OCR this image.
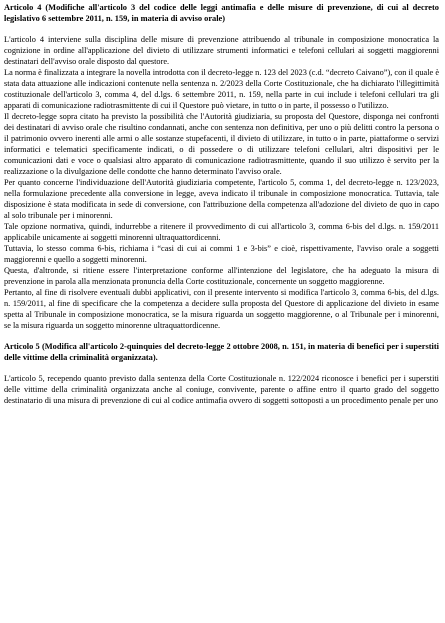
Articolo 4 (Modifiche all'articolo 3 del codice delle leggi antimafia e delle misure di prevenzione, di cui al decreto legislativo 6 settembre 2011, n. 159, in materia di avviso orale)

L'articolo 4 interviene sulla disciplina delle misure di prevenzione attribuendo al tribunale in composizione monocratica la cognizione in ordine all'applicazione del divieto di utilizzare strumenti informatici e telefoni cellulari ai soggetti maggiorenni destinatari dell'avviso orale disposto dal questore.

La norma è finalizzata a integrare la novella introdotta con il decreto-legge n. 123 del 2023 (c.d. “decreto Caivano”), con il quale è stata data attuazione alle indicazioni contenute nella sentenza n. 2/2023 della Corte Costituzionale, che ha dichiarato l'illegittimità costituzionale dell'articolo 3, comma 4, del d.lgs. 6 settembre 2011, n. 159, nella parte in cui include i telefoni cellulari tra gli apparati di comunicazione radiotrasmittente di cui il Questore può vietare, in tutto o in parte, il possesso o l'utilizzo.

Il decreto-legge sopra citato ha previsto la possibilità che l'Autorità giudiziaria, su proposta del Questore, disponga nei confronti dei destinatari di avviso orale che risultino condannati, anche con sentenza non definitiva, per uno o più delitti contro la persona o il patrimonio ovvero inerenti alle armi o alle sostanze stupefacenti, il divieto di utilizzare, in tutto o in parte, piattaforme o servizi informatici e telematici specificamente indicati, o di possedere o di utilizzare telefoni cellulari, altri dispositivi per le comunicazioni dati e voce o qualsiasi altro apparato di comunicazione radiotrasmittente, quando il suo utilizzo è servito per la realizzazione o la divulgazione delle condotte che hanno determinato l'avviso orale.

Per quanto concerne l'individuazione dell'Autorità giudiziaria competente, l'articolo 5, comma 1, del decreto-legge n. 123/2023, nella formulazione precedente alla conversione in legge, aveva indicato il tribunale in composizione monocratica. Tuttavia, tale disposizione è stata modificata in sede di conversione, con l'attribuzione della competenza all'adozione del divieto de quo in capo al solo tribunale per i minorenni.

Tale opzione normativa, quindi, indurrebbe a ritenere il provvedimento di cui all'articolo 3, comma 6-bis del d.lgs. n. 159/2011 applicabile unicamente ai soggetti minorenni ultraquattordicenni.

Tuttavia, lo stesso comma 6-bis, richiama i “casi di cui ai commi 1 e 3-bis” e cioè, rispettivamente, l'avviso orale a soggetti maggiorenni e quello a soggetti minorenni.

Questa, d'altronde, si ritiene essere l'interpretazione conforme all'intenzione del legislatore, che ha adeguato la misura di prevenzione in parola alla menzionata pronuncia della Corte costituzionale, concernente un soggetto maggiorenne.

Pertanto, al fine di risolvere eventuali dubbi applicativi, con il presente intervento si modifica l'articolo 3, comma 6-bis, del d.lgs. n. 159/2011, al fine di specificare che la competenza a decidere sulla proposta del Questore di applicazione del divieto in esame spetta al Tribunale in composizione monocratica, se la misura riguarda un soggetto maggiorenne, o al Tribunale per i minorenni, se la misura riguarda un soggetto minorenne ultraquattordicenne.

Articolo 5 (Modifica all'articolo 2-quinquies del decreto-legge 2 ottobre 2008, n. 151, in materia di benefici per i superstiti delle vittime della criminalità organizzata).

L'articolo 5, recependo quanto previsto dalla sentenza della Corte Costituzionale n. 122/2024 riconosce i benefici per i superstiti delle vittime della criminalità organizzata anche al coniuge, convivente, parente o affine entro il quarto grado del soggetto destinatario di una misura di prevenzione di cui al codice antimafia ovvero di soggetti sottoposti a un procedimento penale per uno
